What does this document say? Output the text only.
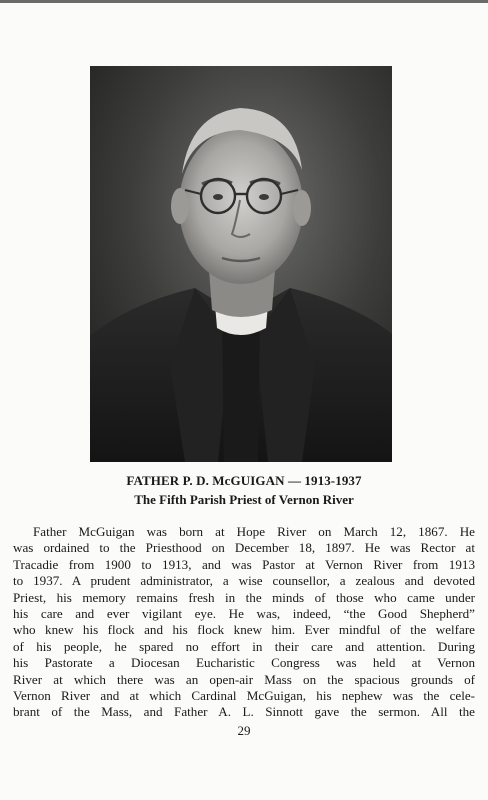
FATHER P. D. McGUIGAN — 1913-1937
The Fifth Parish Priest of Vernon River
Father McGuigan was born at Hope River on March 12, 1867. He
was ordained to the Priesthood on December 18, 1897. He was Rector at
Tracadie from 1900 to 1913, and was Pastor at Vernon River from 1913
to 1937. A prudent administrator, a wise counsellor, a zealous and devoted
Priest, his memory remains fresh in the minds of those who came under
his care and ever vigilant eye. He was, indeed, “the Good Shepherd”
who knew his flock and his flock knew him. Ever mindful of the welfare
of his people, he spared no effort in their care and attention. During
his Pastorate a Diocesan Eucharistic Congress was held at Vernon
River at which there was an open-air Mass on the spacious grounds of
Vernon River and at which Cardinal McGuigan, his nephew was the cele-
brant of the Mass, and Father A. L. Sinnott gave the sermon. All the
29
